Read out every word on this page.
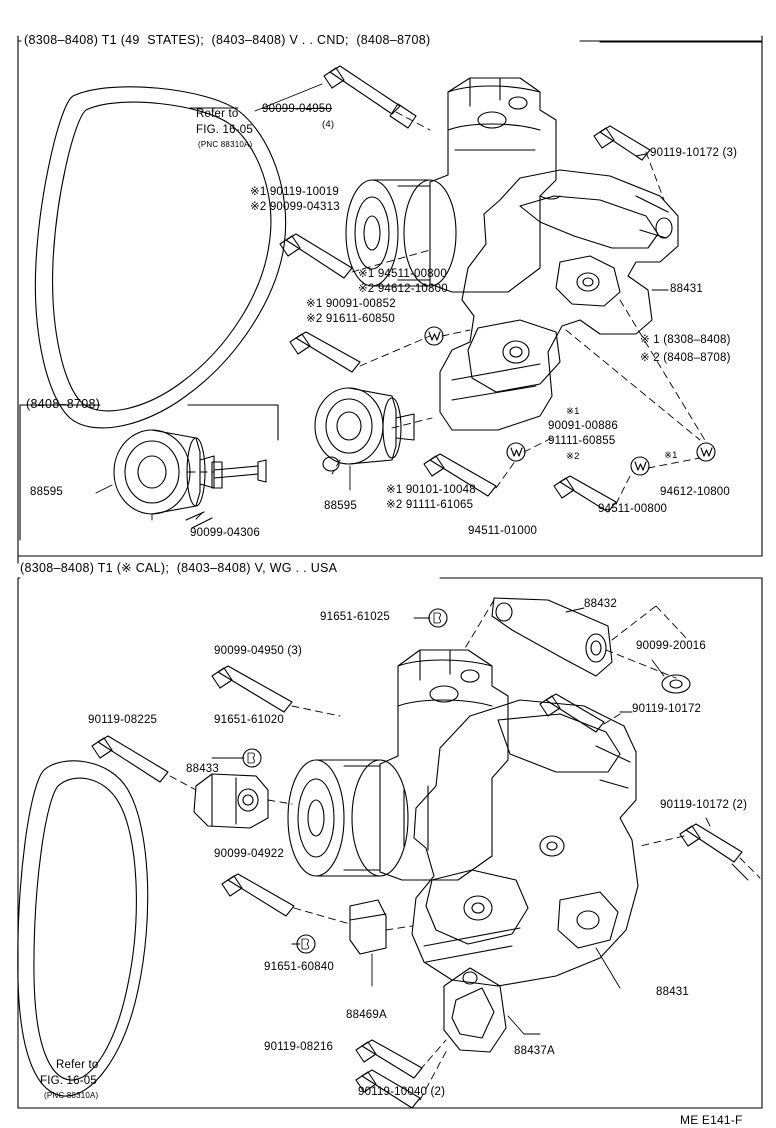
(8308–8408) T1 (49  STATES);  (8403–8408) V . . CND;  (8408–8708)
Refer to
FIG. 16-05
(PNC 88310A)
90099-04950
(4)
90119-10172 (3)
※1 90119-10019
※2 90099-04313
※1 94511-00800
※2 94612-10800
※1 90091-00852
※2 91611-60850
88431
※ 1 (8308–8408)
※ 2 (8408–8708)
88595
※1 90101-10048
※2 91111-61065
94511-01000
※1
90091-00886
91111-60855
※2
94511-00800
※1
94612-10800
(8408–8708)
88595
90099-04306
(8308–8408) T1 (※ CAL);  (8403–8408) V, WG . . USA
91651-61025
88432
90099-20016
90119-10172
90099-04950 (3)
90119-08225	91651-61020
88433
90119-10172 (2)
90099-04922
91651-60840
88469A
90119-08216
90119-10040 (2)
88437A
88431
Refer to
FIG. 16-05
(PNC 88310A)
ME E141-F
